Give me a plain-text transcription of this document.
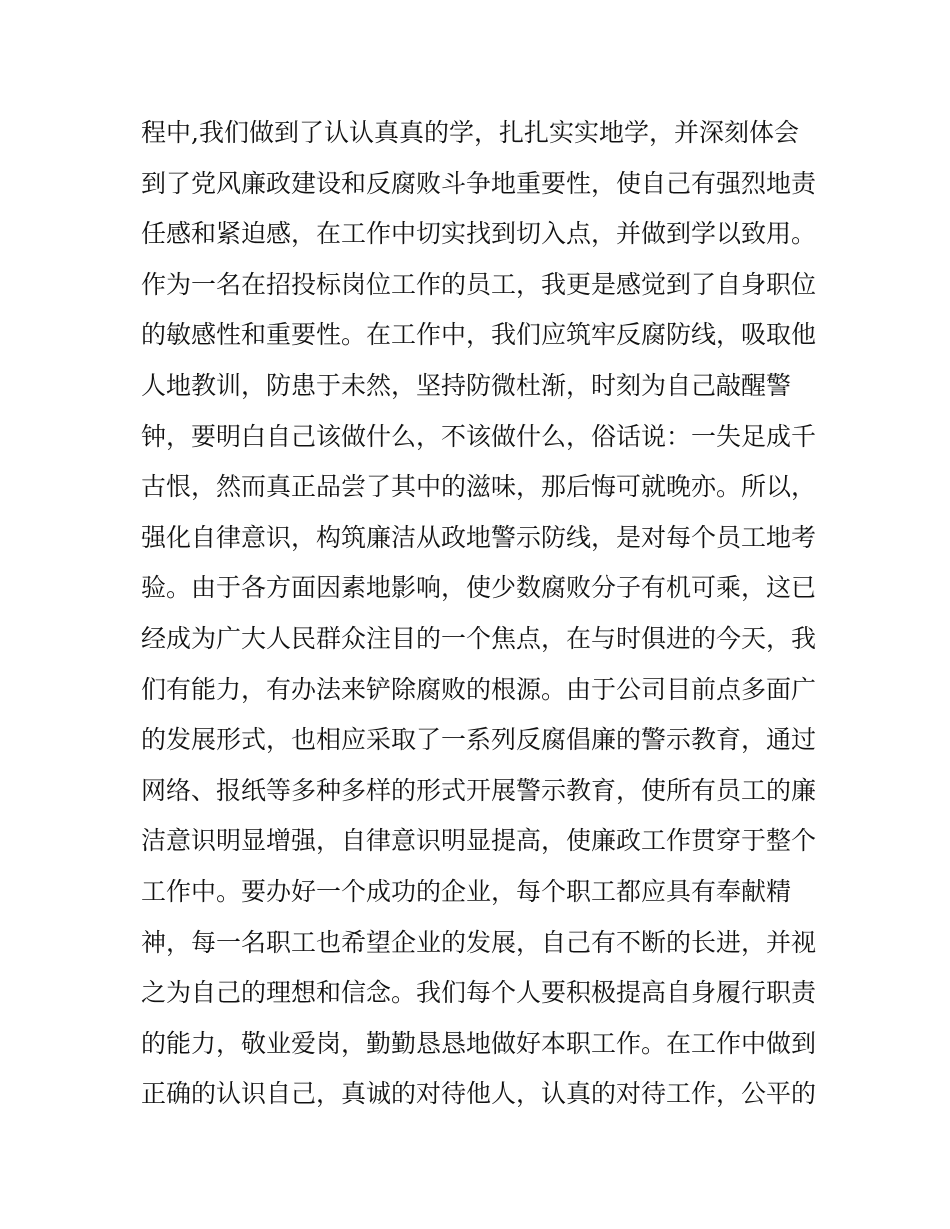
程中,我们做到了认认真真的学，扎扎实实地学，并深刻体会
到了党风廉政建设和反腐败斗争地重要性，使自己有强烈地责
任感和紧迫感，在工作中切实找到切入点，并做到学以致用。
作为一名在招投标岗位工作的员工，我更是感觉到了自身职位
的敏感性和重要性。在工作中，我们应筑牢反腐防线，吸取他
人地教训，防患于未然，坚持防微杜渐，时刻为自己敲醒警
钟，要明白自己该做什么，不该做什么，俗话说：一失足成千
古恨，然而真正品尝了其中的滋味，那后悔可就晚亦。所以，
强化自律意识，构筑廉洁从政地警示防线，是对每个员工地考
验。由于各方面因素地影响，使少数腐败分子有机可乘，这已
经成为广大人民群众注目的一个焦点，在与时俱进的今天，我
们有能力，有办法来铲除腐败的根源。由于公司目前点多面广
的发展形式，也相应采取了一系列反腐倡廉的警示教育，通过
网络、报纸等多种多样的形式开展警示教育，使所有员工的廉
洁意识明显增强，自律意识明显提高，使廉政工作贯穿于整个
工作中。要办好一个成功的企业，每个职工都应具有奉献精
神，每一名职工也希望企业的发展，自己有不断的长进，并视
之为自己的理想和信念。我们每个人要积极提高自身履行职责
的能力，敬业爱岗，勤勤恳恳地做好本职工作。在工作中做到
正确的认识自己，真诚的对待他人，认真的对待工作，公平的
